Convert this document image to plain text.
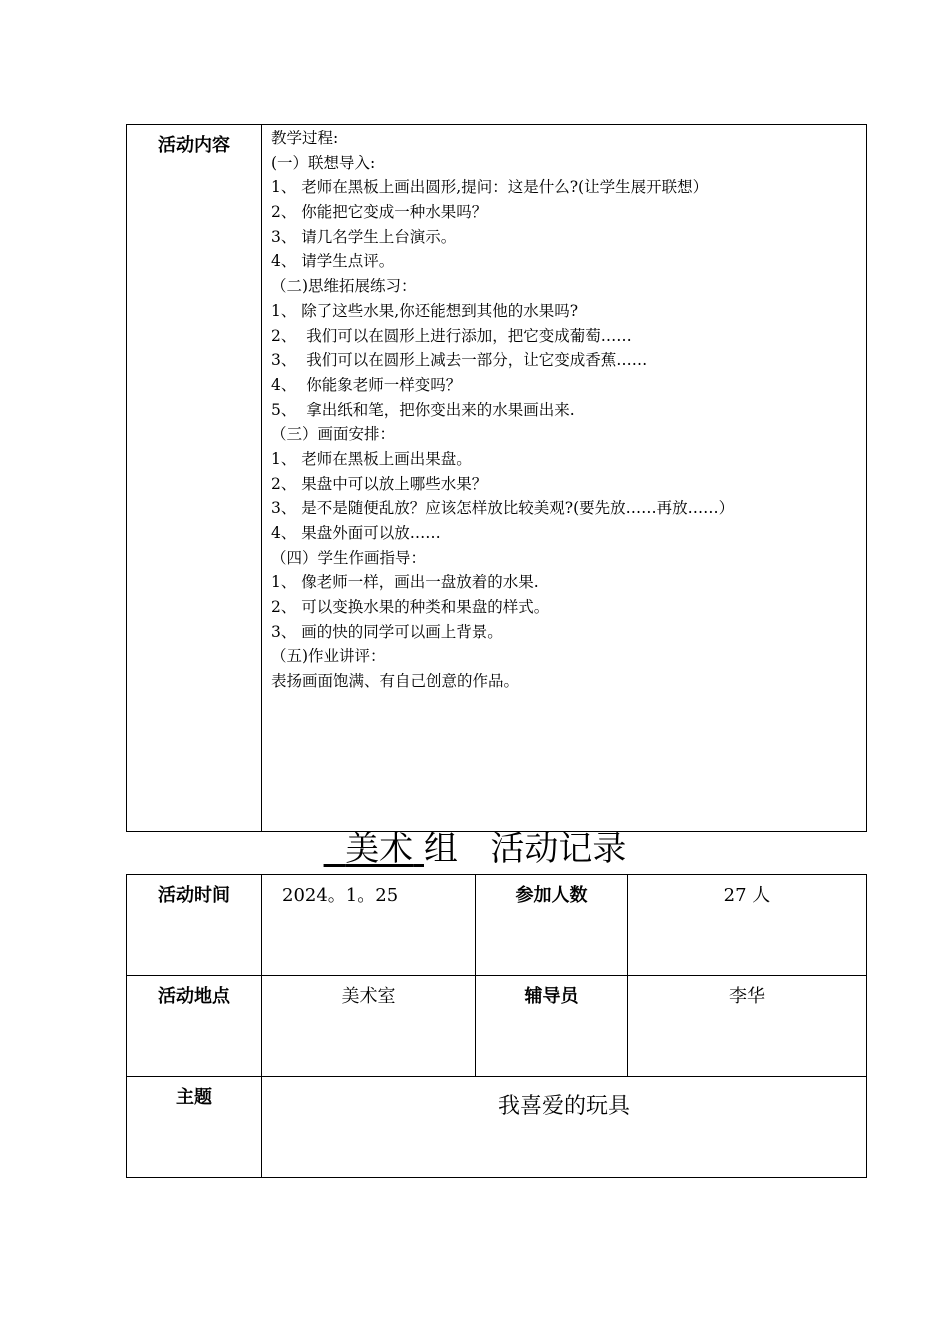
活动内容	教学过程:
(一）联想导入:
1、 老师在黑板上画出圆形,提问：这是什么?(让学生展开联想）
2、 你能把它变成一种水果吗？
3、 请几名学生上台演示。
4、 请学生点评。
（二)思维拓展练习：
1、 除了这些水果,你还能想到其他的水果吗?
2、  我们可以在圆形上进行添加，把它变成葡萄……
3、  我们可以在圆形上减去一部分，让它变成香蕉……
4、  你能象老师一样变吗？
5、  拿出纸和笔，把你变出来的水果画出来.
（三）画面安排：
1、 老师在黑板上画出果盘。
2、 果盘中可以放上哪些水果？
3、 是不是随便乱放？应该怎样放比较美观?(要先放……再放……）
4、 果盘外面可以放……
（四）学生作画指导：
1、 像老师一样，画出一盘放着的水果.
2、 可以变换水果的种类和果盘的样式。
3、 画的快的同学可以画上背景。
（五)作业讲评：
表扬画面饱满、有自己创意的作品。
美术 组 活动记录
活动时间	2024。1。25	参加人数	27 人
活动地点	美术室	辅导员	李华
主题	我喜爱的玩具		
